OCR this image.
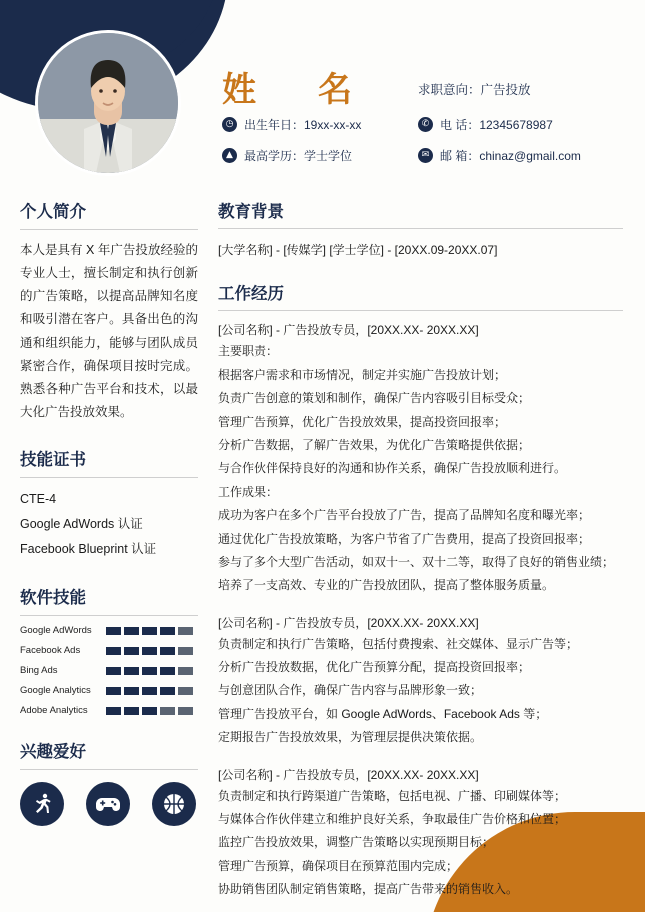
姓　名	求职意向：广告投放
◷ 出生年日：19xx-xx-xx	✆ 电 话：12345678987
▲ 最高学历：学士学位	✉ 邮 箱：chinaz@gmail.com
个人简介
本人是具有 X 年广告投放经验的专业人士，擅长制定和执行创新的广告策略，以提高品牌知名度和吸引潜在客户。具备出色的沟通和组织能力，能够与团队成员紧密合作，确保项目按时完成。熟悉各种广告平台和技术，以最大化广告投放效果。
技能证书
CTE-4
Google AdWords 认证
Facebook Blueprint 认证
软件技能
Google AdWords
Facebook Ads
Bing Ads
Google Analytics
Adobe Analytics
兴趣爱好
教育背景
[大学名称] - [传媒学] [学士学位] - [20XX.09-20XX.07]
工作经历
[公司名称] - 广告投放专员，[20XX.XX- 20XX.XX]
主要职责：
根据客户需求和市场情况，制定并实施广告投放计划；
负责广告创意的策划和制作，确保广告内容吸引目标受众；
管理广告预算，优化广告投放效果，提高投资回报率；
分析广告数据，了解广告效果，为优化广告策略提供依据；
与合作伙伴保持良好的沟通和协作关系，确保广告投放顺利进行。
工作成果：
成功为客户在多个广告平台投放了广告，提高了品牌知名度和曝光率；
通过优化广告投放策略，为客户节省了广告费用，提高了投资回报率；
参与了多个大型广告活动，如双十一、双十二等，取得了良好的销售业绩；
培养了一支高效、专业的广告投放团队，提高了整体服务质量。
[公司名称] - 广告投放专员，[20XX.XX- 20XX.XX]
负责制定和执行广告策略，包括付费搜索、社交媒体、显示广告等；
分析广告投放数据，优化广告预算分配，提高投资回报率；
与创意团队合作，确保广告内容与品牌形象一致；
管理广告投放平台，如 Google AdWords、Facebook Ads 等；
定期报告广告投放效果，为管理层提供决策依据。
[公司名称] - 广告投放专员，[20XX.XX- 20XX.XX]
负责制定和执行跨渠道广告策略，包括电视、广播、印刷媒体等；
与媒体合作伙伴建立和维护良好关系，争取最佳广告价格和位置；
监控广告投放效果，调整广告策略以实现预期目标；
管理广告预算，确保项目在预算范围内完成；
协助销售团队制定销售策略，提高广告带来的销售收入。
